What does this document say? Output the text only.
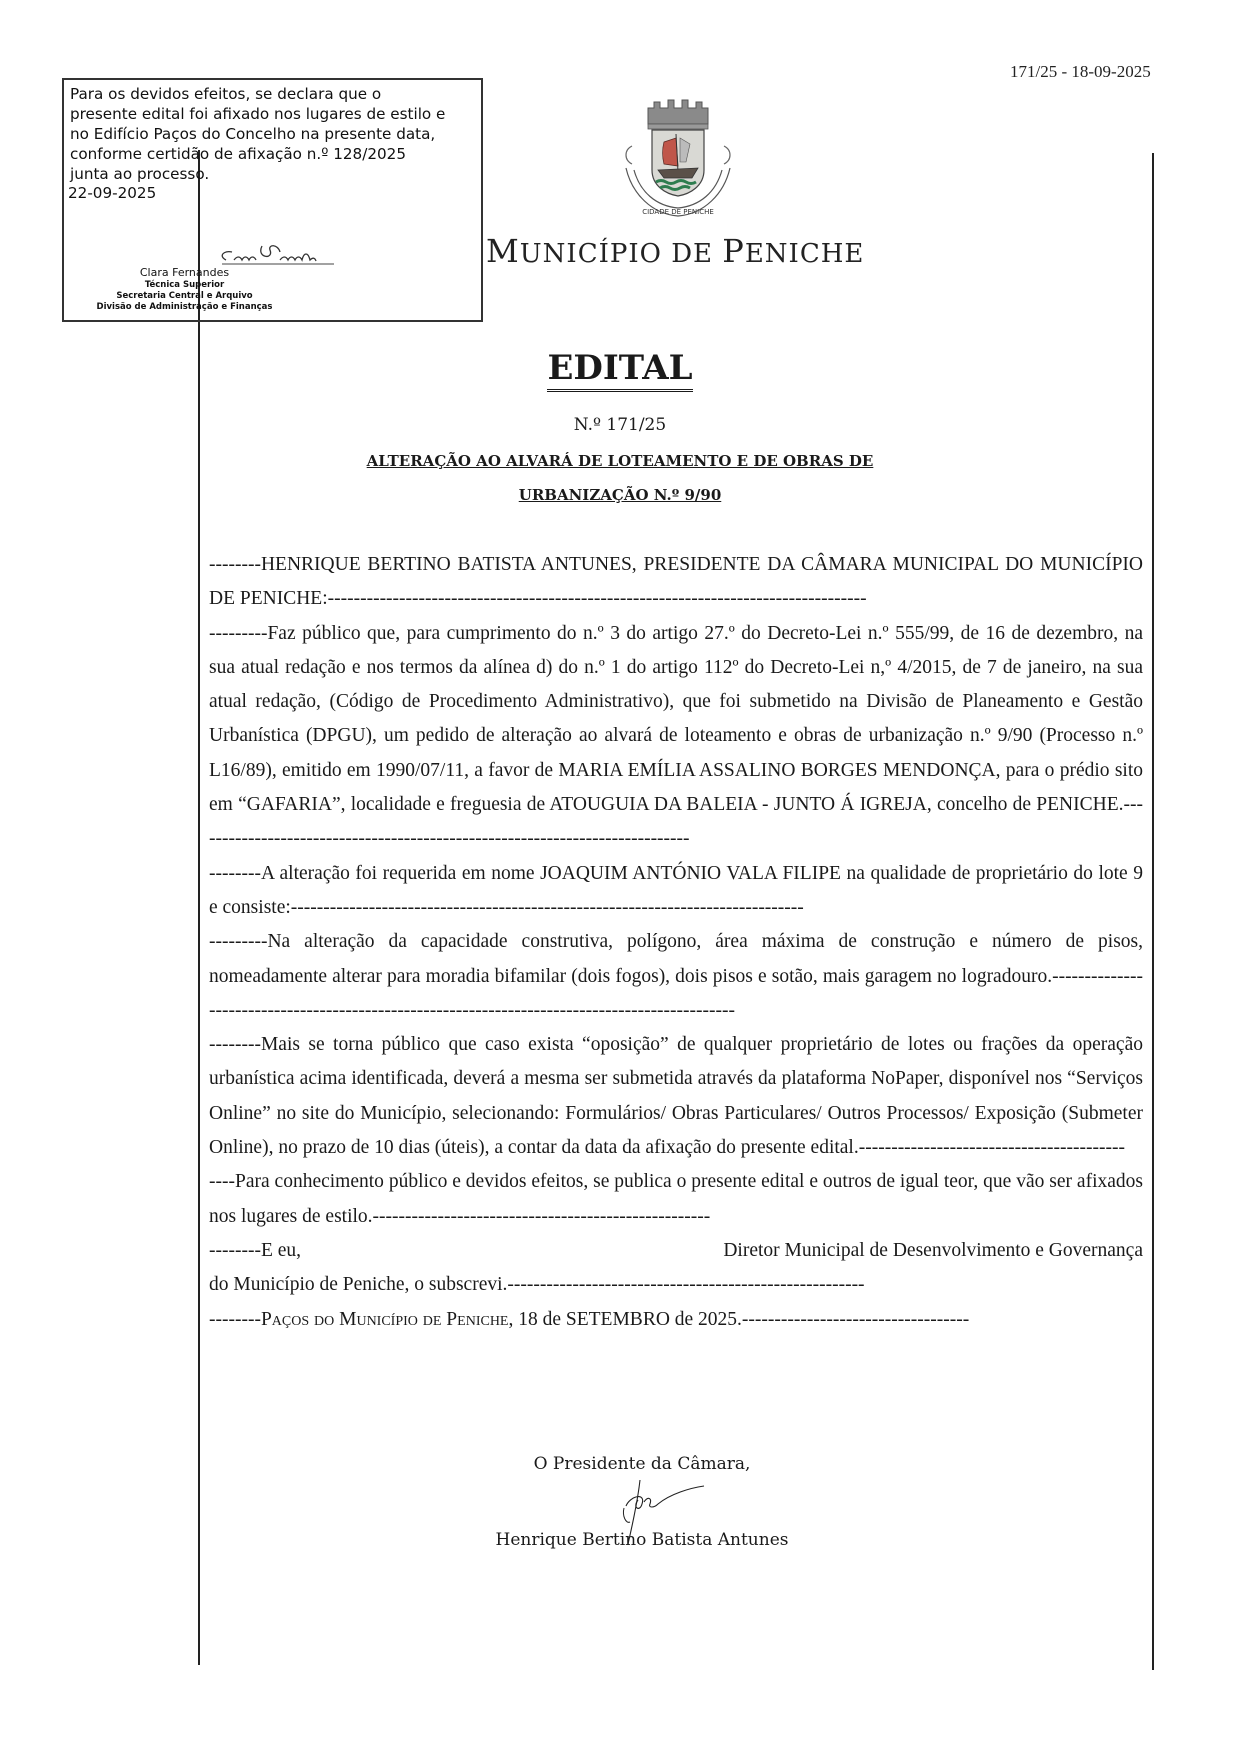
171/25 - 18-09-2025
Para os devidos efeitos, se declara que o
presente edital foi afixado nos lugares de estilo e
no Edifício Paços do Concelho na presente data,
conforme certidão de afixação n.º 128/2025
junta ao processo.
22-09-2025
Clara Fernandes
Técnica Superior
Secretaria Central e Arquivo
Divisão de Administração e Finanças
CIDADE DE PENICHE
MUNICÍPIO DE PENICHE
EDITAL
N.º 171/25
ALTERAÇÃO AO ALVARÁ DE LOTEAMENTO E DE OBRAS DE
URBANIZAÇÃO N.º 9/90

--------HENRIQUE BERTINO BATISTA ANTUNES, PRESIDENTE DA CÂMARA MUNICIPAL DO MUNICÍPIO DE PENICHE:-----------------------------------------------------------------------------------

---------Faz público que, para cumprimento do n.º 3 do artigo 27.º do Decreto-Lei n.º 555/99, de 16 de dezembro, na sua atual redação e nos termos da alínea d) do n.º 1 do artigo 112º do Decreto-Lei n,º 4/2015, de 7 de janeiro, na sua atual redação, (Código de Procedimento Administrativo), que foi submetido na Divisão de Planeamento e Gestão Urbanística (DPGU), um pedido de alteração ao alvará de loteamento e obras de urbanização n.º 9/90 (Processo n.º L16/89), emitido em 1990/07/11, a favor de MARIA EMÍLIA ASSALINO BORGES MENDONÇA, para o prédio sito em “GAFARIA”, localidade e freguesia de ATOUGUIA DA BALEIA - JUNTO Á IGREJA, concelho de PENICHE.-----------------------------------------------------------------------------

--------A alteração foi requerida em nome JOAQUIM ANTÓNIO VALA FILIPE na qualidade de proprietário do lote 9 e consiste:-------------------------------------------------------------------------------

---------Na alteração da capacidade construtiva, polígono, área máxima de construção e número de pisos, nomeadamente alterar para moradia bifamilar (dois fogos), dois pisos e sotão, mais garagem no logradouro.-----------------------------------------------------------------------------------------------

--------Mais se torna público que caso exista “oposição” de qualquer proprietário de lotes ou frações da operação urbanística acima identificada, deverá a mesma ser submetida através da plataforma NoPaper, disponível nos “Serviços Online” no site do Município, selecionando: Formulários/ Obras Particulares/ Outros Processos/ Exposição (Submeter Online), no prazo de 10 dias (úteis), a contar da data da afixação do presente edital.-----------------------------------------

----Para conhecimento público e devidos efeitos, se publica o presente edital e outros de igual teor, que vão ser afixados nos lugares de estilo.----------------------------------------------------

--------E eu,	Diretor Municipal de Desenvolvimento e Governança

do Município de Peniche, o subscrevi.-------------------------------------------------------

--------Paços do Município de Peniche, 18 de SETEMBRO de 2025.-----------------------------------

O Presidente da Câmara,
Henrique Bertino Batista Antunes
